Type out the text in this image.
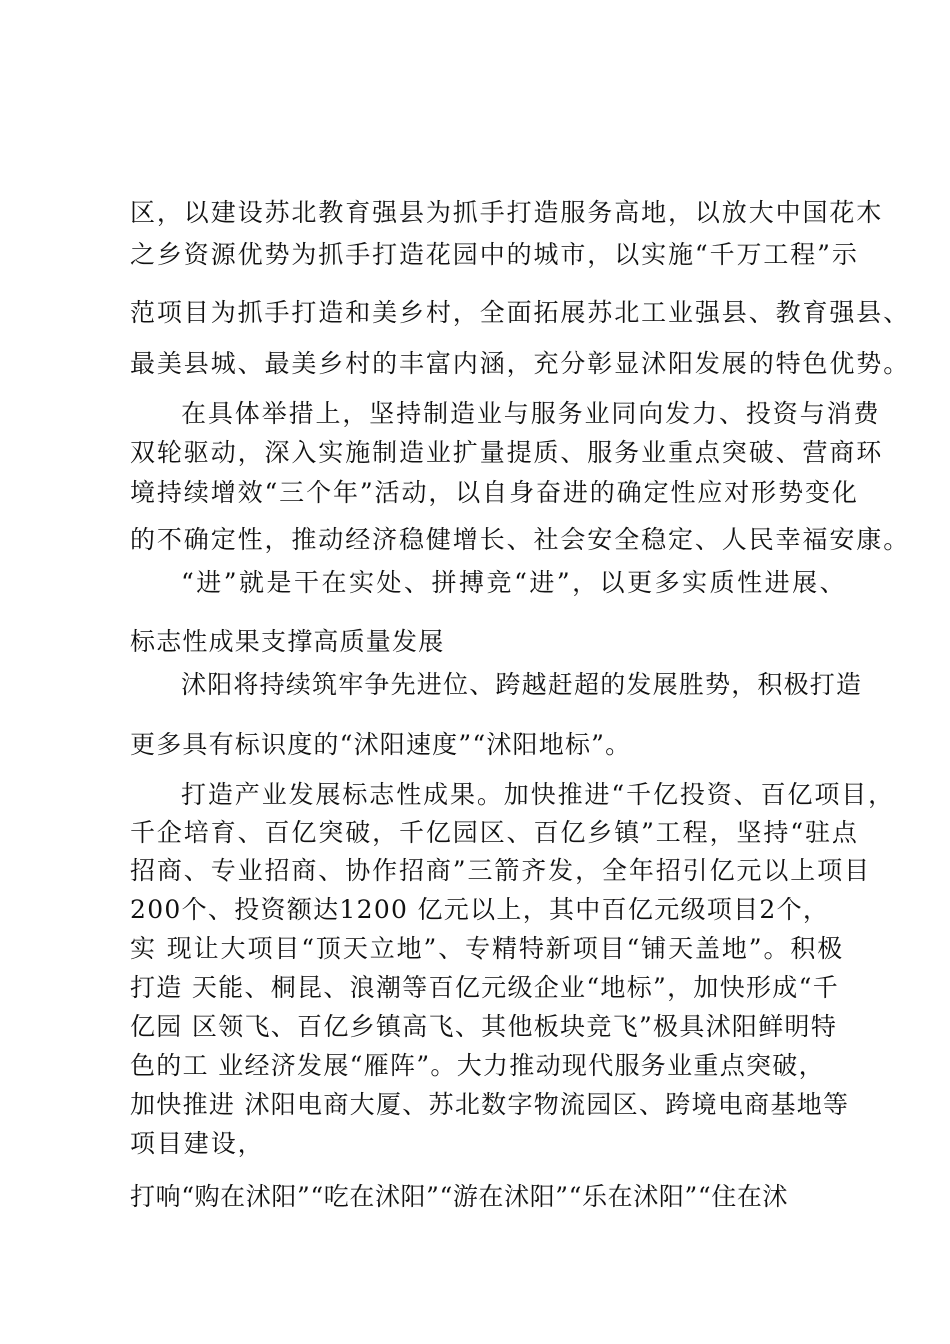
区，以建设苏北教育强县为抓手打造服务高地，以放大中国花木
之乡资源优势为抓手打造花园中的城市，以实施“千万工程”示
范项目为抓手打造和美乡村，全面拓展苏北工业强县、教育强县、
最美县城、最美乡村的丰富内涵，充分彰显沭阳发展的特色优势。
在具体举措上，坚持制造业与服务业同向发力、投资与消费
双轮驱动，深入实施制造业扩量提质、服务业重点突破、营商环
境持续增效“三个年”活动，以自身奋进的确定性应对形势变化
的不确定性，推动经济稳健增长、社会安全稳定、人民幸福安康。
“进”就是干在实处、拼搏竞“进”，以更多实质性进展、
标志性成果支撑高质量发展
沭阳将持续筑牢争先进位、跨越赶超的发展胜势，积极打造
更多具有标识度的“沭阳速度”“沭阳地标”。
打造产业发展标志性成果。加快推进“千亿投资、百亿项目，
千企培育、百亿突破，千亿园区、百亿乡镇”工程，坚持“驻点
招商、专业招商、协作招商”三箭齐发，全年招引亿元以上项目
200个、投资额达1200 亿元以上，其中百亿元级项目2个，
实 现让大项目“顶天立地”、专精特新项目“铺天盖地”。积极
打造 天能、桐昆、浪潮等百亿元级企业“地标”，加快形成“千
亿园 区领飞、百亿乡镇高飞、其他板块竞飞”极具沭阳鲜明特
色的工 业经济发展“雁阵”。大力推动现代服务业重点突破，
加快推进 沭阳电商大厦、苏北数字物流园区、跨境电商基地等
项目建设，
打响“购在沭阳”“吃在沭阳”“游在沭阳”“乐在沭阳”“住在沭
